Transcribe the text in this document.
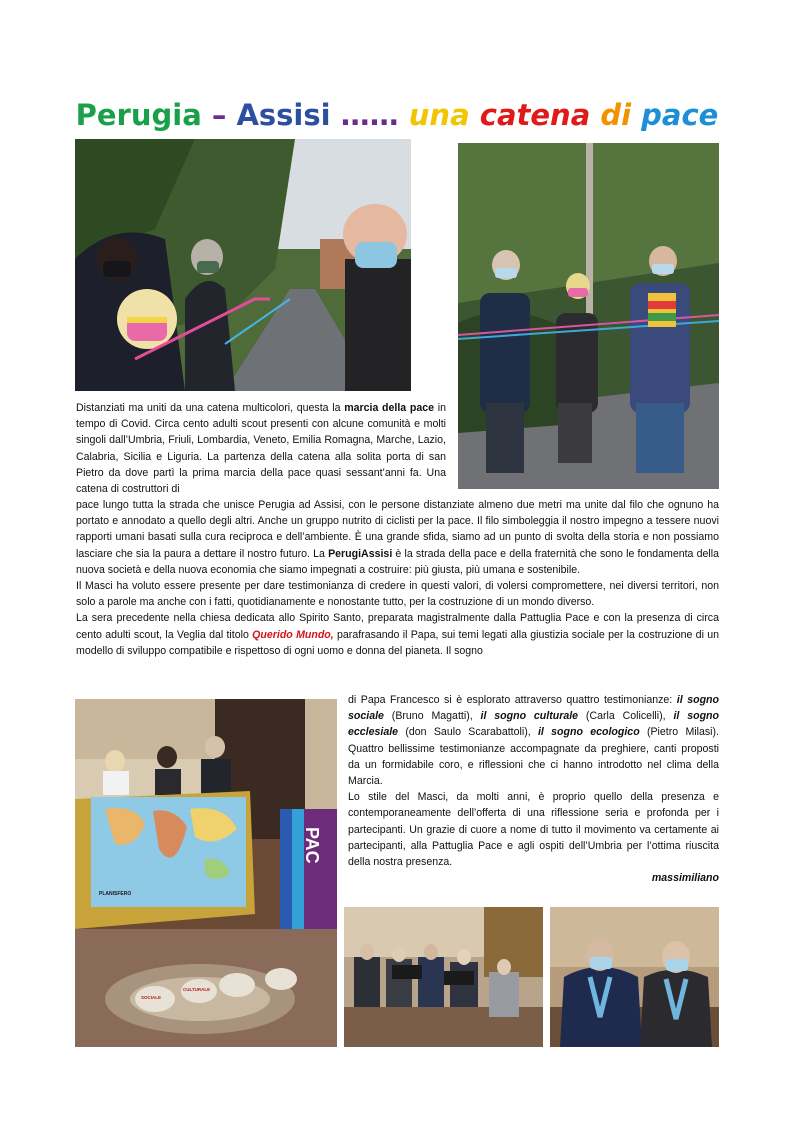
Perugia – Assisi …… una catena di pace

Distanziati ma uniti da una catena multicolori, questa la marcia della pace in tempo di Covid. Circa cento adulti scout presenti con alcune comunità e molti singoli dall’Umbria, Friuli, Lombardia, Veneto, Emilia Romagna, Marche, Lazio, Calabria, Sicilia e Liguria. La partenza della catena alla solita porta di san Pietro da dove partì la prima marcia della pace quasi sessant’anni fa. Una catena di costruttori di

pace lungo tutta la strada che unisce Perugia ad Assisi, con le persone distanziate almeno due metri ma unite dal filo che ognuno ha portato e annodato a quello degli altri. Anche un gruppo nutrito di ciclisti per la pace. Il filo simboleggia il nostro impegno a tessere nuovi rapporti umani basati sulla cura reciproca e dell’ambiente. È una grande sfida, siamo ad un punto di svolta della storia e non possiamo lasciare che sia la paura a dettare il nostro futuro. La PerugiAssisi è la strada della pace e della fraternità che sono le fondamenta della nuova società e della nuova economia che siamo impegnati a costruire: più giusta, più umana e sostenibile.

Il Masci ha voluto essere presente per dare testimonianza di credere in questi valori, di volersi compromettere, nei diversi territori, non solo a parole ma anche con i fatti, quotidianamente e nonostante tutto, per la costruzione di un mondo diverso.

La sera precedente nella chiesa dedicata allo Spirito Santo, preparata magistralmente dalla Pattuglia Pace e con la presenza di circa cento adulti scout, la Veglia dal titolo Querido Mundo, parafrasando il Papa, sui temi legati alla giustizia sociale per la costruzione di un modello di sviluppo compatibile e rispettoso di ogni uomo e donna del pianeta. Il sogno

PLANISFERO
PAC
SOCIALE
CULTURALE

di Papa Francesco si è esplorato attraverso quattro testimonianze: il sogno sociale (Bruno Magatti), il sogno culturale (Carla Colicelli), il sogno ecclesiale (don Saulo Scarabattoli), il sogno ecologico (Pietro Milasi). Quattro bellissime testimonianze accompagnate da preghiere, canti proposti da un formidabile coro, e riflessioni che ci hanno introdotto nel clima della Marcia.

Lo stile del Masci, da molti anni, è proprio quello della presenza e contemporaneamente dell’offerta di una riflessione seria e profonda per i partecipanti. Un grazie di cuore a nome di tutto il movimento va certamente ai partecipanti, alla Pattuglia Pace e agli ospiti dell’Umbria per l’ottima riuscita della nostra presenza.

massimiliano
